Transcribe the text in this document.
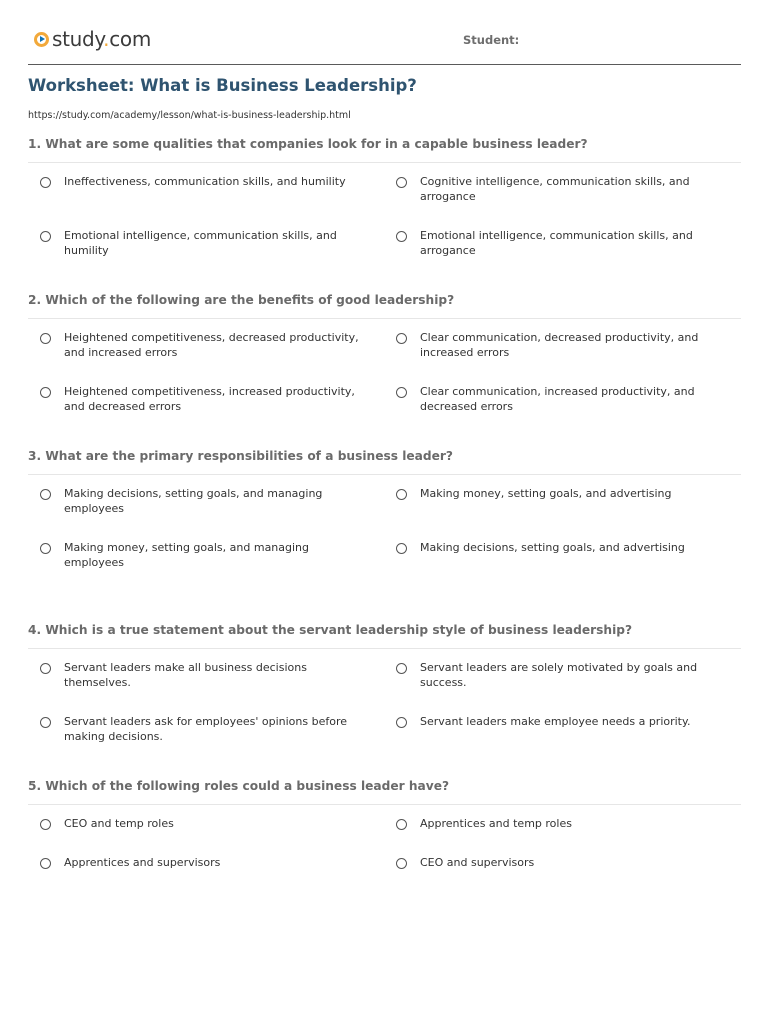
study.com	Student:
Worksheet: What is Business Leadership?
https://study.com/academy/lesson/what-is-business-leadership.html
1. What are some qualities that companies look for in a capable business leader?
Ineffectiveness, communication skills, and humility	Cognitive intelligence, communication skills, and arrogance
Emotional intelligence, communication skills, and humility
Emotional intelligence, communication skills, and arrogance
2. Which of the following are the benefits of good leadership?
Heightened competitiveness, decreased productivity, and increased errors
Clear communication, decreased productivity, and increased errors
Heightened competitiveness, increased productivity, and decreased errors
Clear communication, increased productivity, and decreased errors
3. What are the primary responsibilities of a business leader?
Making decisions, setting goals, and managing employees
Making money, setting goals, and advertising
Making money, setting goals, and managing employees
Making decisions, setting goals, and advertising
4. Which is a true statement about the servant leadership style of business leadership?
Servant leaders make all business decisions themselves.
Servant leaders are solely motivated by goals and success.
Servant leaders ask for employees' opinions before making decisions.
Servant leaders make employee needs a priority.
5. Which of the following roles could a business leader have?
CEO and temp roles	Apprentices and temp roles
Apprentices and supervisors	CEO and supervisors
